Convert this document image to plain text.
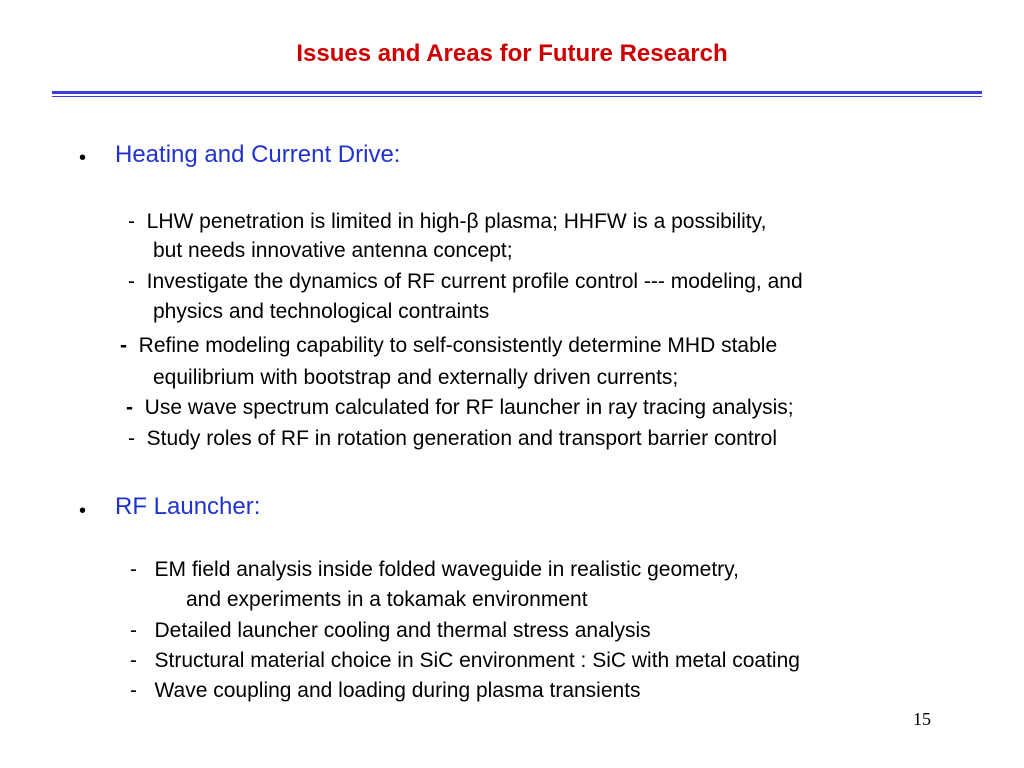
Issues and Areas for Future Research
• Heating and Current Drive:
- LHW penetration is limited in high-β plasma; HHFW is a possibility,
but needs innovative antenna concept;
- Investigate the dynamics of RF current profile control --- modeling, and
physics and technological contraints
- Refine modeling capability to self-consistently determine MHD stable
equilibrium with bootstrap and externally driven currents;
- Use wave spectrum calculated for RF launcher in ray tracing analysis;
- Study roles of RF in rotation generation and transport barrier control
• RF Launcher:
- EM field analysis inside folded waveguide in realistic geometry,
and experiments in a tokamak environment
- Detailed launcher cooling and thermal stress analysis
- Structural material choice in SiC environment : SiC with metal coating
- Wave coupling and loading during plasma transients
15
